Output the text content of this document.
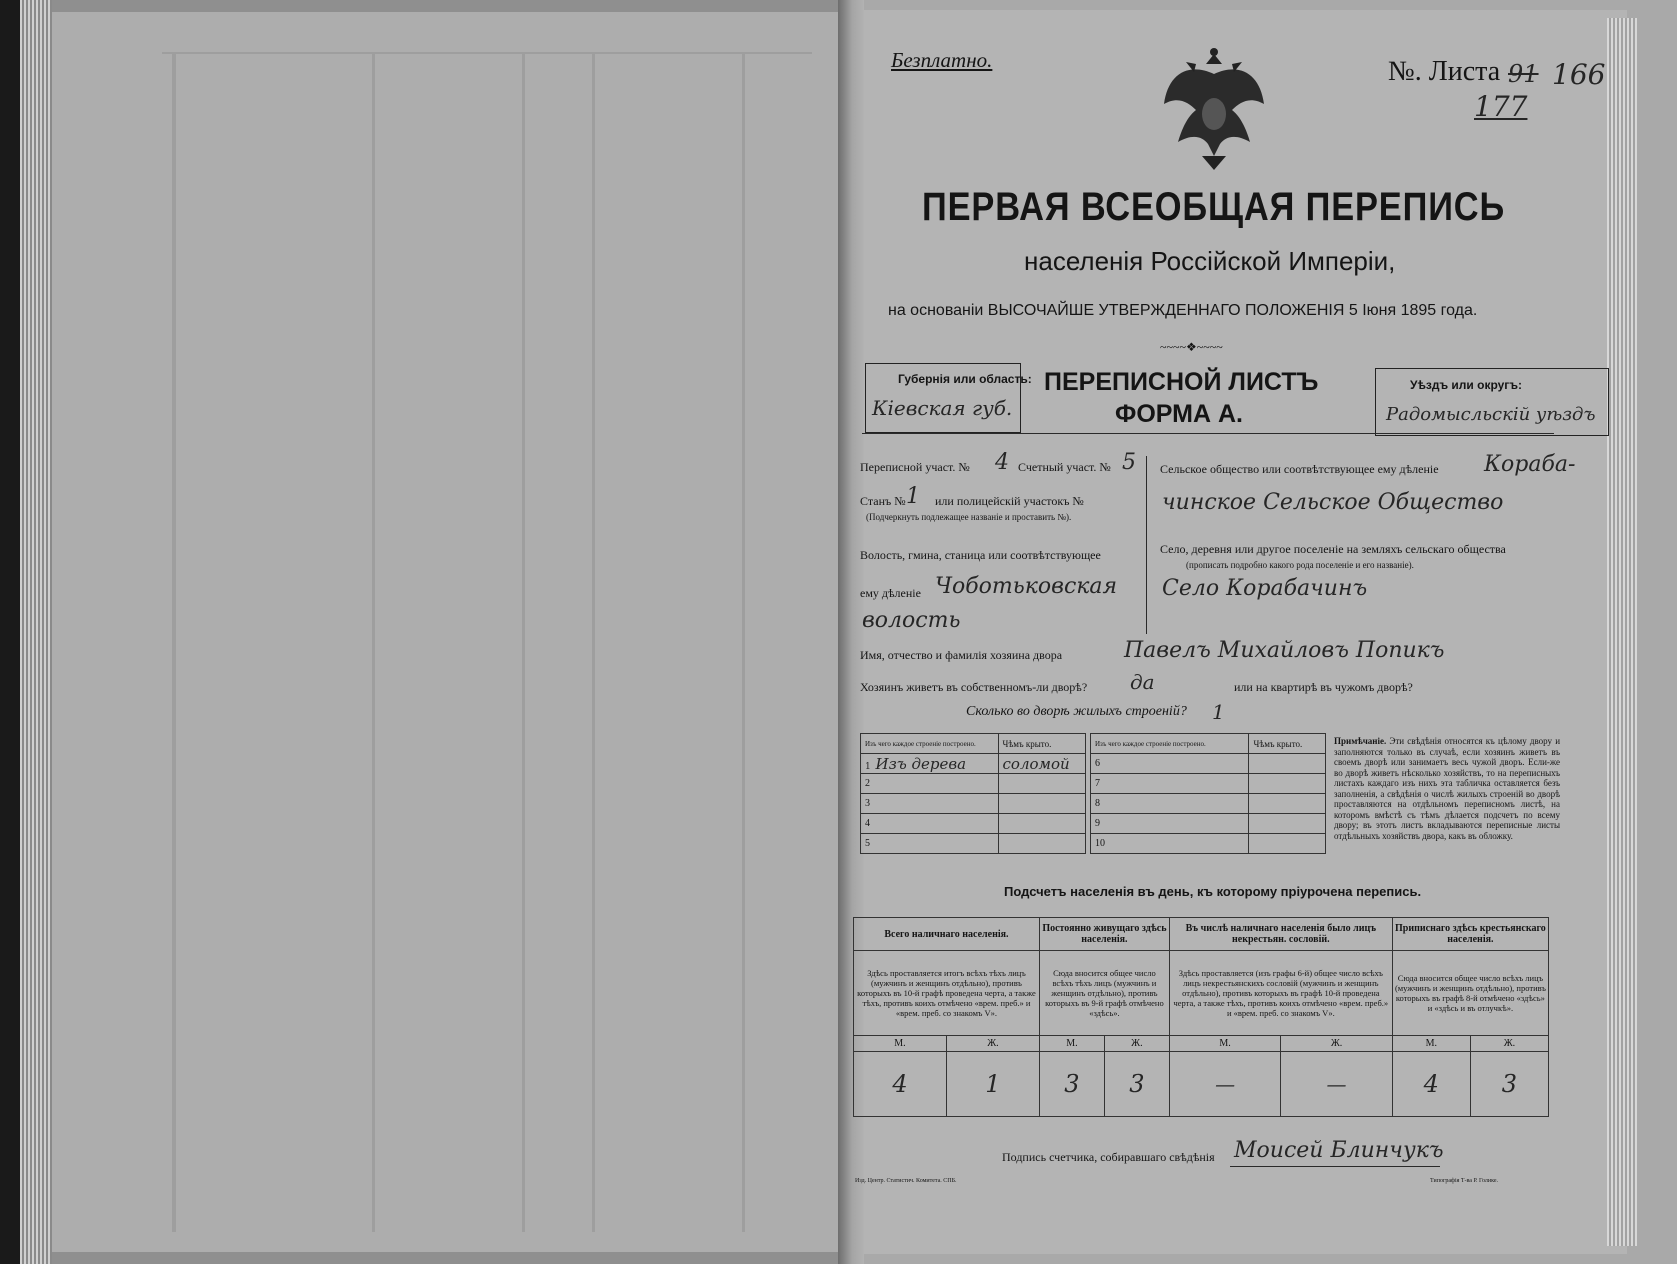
Безплатно.	№. Листа 91 166
177
ПЕРВАЯ ВСЕОБЩАЯ ПЕРЕПИСЬ
населенія Россійской Имперіи,
на основаніи ВЫСОЧАЙШЕ УТВЕРЖДЕННАГО ПОЛОЖЕНІЯ 5 Іюня 1895 года.
~~~~❖~~~~
Губернія или область:
Кіевская губ.
ПЕРЕПИСНОЙ ЛИСТЪ
ФОРМА А.
Уѣздъ или округъ:
Радомысльскій уѣздъ
Переписной участ. № 4 Счетный участ. № 5
Станъ № 1 или полицейскій участокъ №
(Подчеркнуть подлежащее названіе и проставить №).
Волость, гмина, станица или соотвѣтствующее
ему дѣленіе Чоботьковская
волость
Сельское общество или соотвѣтствующее ему дѣленіе Кораба-
чинское Сельское Общество
Село, деревня или другое поселеніе на земляхъ сельскаго общества
(прописать подробно какого рода поселеніе и его названіе).
Село Корабачинъ
Имя, отчество и фамилія хозяина двора	Павелъ Михайловъ Попикъ
Хозяинъ живетъ въ собственномъ-ли дворѣ? да	или на квартирѣ въ чужомъ дворѣ?
Сколько во дворѣ жилыхъ строеній? 1
Изъ чего каждое строеніе построено.	Чѣмъ крыто.
1 Изъ дерева	соломой
2	
3	
4	
5	
Изъ чего каждое строеніе построено.	Чѣмъ крыто.
6	
7	
8	
9	
10	
Примѣчаніе. Эти свѣдѣнія относятся къ цѣлому двору и заполняются только въ случаѣ, если хозяинъ живетъ въ своемъ дворѣ или занимаетъ весь чужой дворъ. Если-же во дворѣ живетъ нѣсколько хозяйствъ, то на переписныхъ листахъ каждаго изъ нихъ эта табличка оставляется безъ заполненія, а свѣдѣнія о числѣ жилыхъ строеній во дворѣ проставляются на отдѣльномъ переписномъ листѣ, на которомъ вмѣстѣ съ тѣмъ дѣлается подсчетъ по всему двору; въ этотъ листъ вкладываются переписные листы отдѣльныхъ хозяйствъ двора, какъ въ обложку.
Подсчетъ населенія въ день, къ которому пріурочена перепись.
Всего наличнаго населенія.		Постоянно живущаго здѣсь населенія.		Въ числѣ наличнаго населенія было лицъ некрестьян. сословій.		Приписнаго здѣсь крестьянскаго населенія.	
Здѣсь проставляется итогъ всѣхъ тѣхъ лицъ (мужчинъ и женщинъ отдѣльно), противъ которыхъ въ 10-й графѣ проведена черта, а также тѣхъ, противъ коихъ отмѣчено «врем. преб.» и «врем. преб. со знакомъ V».		Сюда вносится общее число всѣхъ тѣхъ лицъ (мужчинъ и женщинъ отдѣльно), противъ которыхъ въ 9-й графѣ отмѣчено «здѣсь».		Здѣсь проставляется (изъ графы 6-й) общее число всѣхъ лицъ некрестьянскихъ сословій (мужчинъ и женщинъ отдѣльно), противъ которыхъ въ графѣ 10-й проведена черта, а также тѣхъ, противъ коихъ отмѣчено «врем. преб.» и «врем. преб. со знакомъ V».		Сюда вносится общее число всѣхъ лицъ (мужчинъ и женщинъ отдѣльно), противъ которыхъ въ графѣ 8-й отмѣчено «здѣсь» и «здѣсь и въ отлучкѣ».	
М.	Ж.	М.	Ж.	М.	Ж.	М.	Ж.
4	1	3	3	—	—	4	3
Подпись счетчика, собиравшаго свѣдѣнія Моисей Блинчукъ
Изд. Центр. Статистич. Комитета. СПБ.	Типографія Т-ва Р. Голике.
